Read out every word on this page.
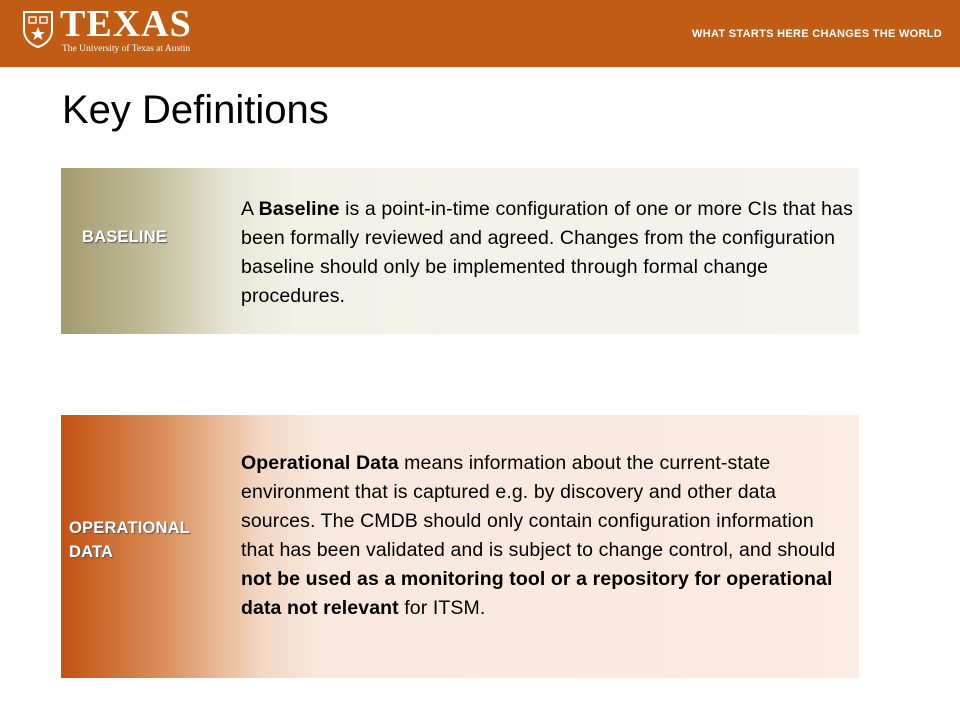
TEXAS
The University of Texas at Austin
WHAT STARTS HERE CHANGES THE WORLD
Key Definitions
BASELINE
A Baseline is a point-in-time configuration of one or more CIs that has been formally reviewed and agreed. Changes from the configuration baseline should only be implemented through formal change procedures.
OPERATIONAL
DATA
Operational Data means information about the current-state environment that is captured e.g. by discovery and other data sources. The CMDB should only contain configuration information that has been validated and is subject to change control, and should not be used as a monitoring tool or a repository for operational data not relevant for ITSM.
